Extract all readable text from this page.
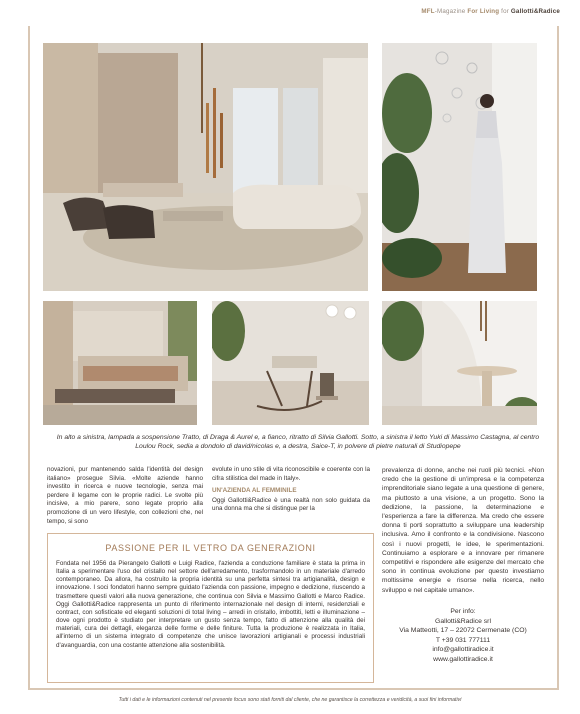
MFL-Magazine For Living for Gallotti&Radice
In alto a sinistra, lampada a sospensione Tratto, di Draga & Aurel e, a fianco, ritratto di Silvia Gallotti. Sotto, a sinistra il letto Yuki di Massimo Castagna, al centro Loulou Rock, sedia a dondolo di david/nicolas e, a destra, Saice-T, in polvere di pietre naturali di Studiopepe
novazioni, pur mantenendo salda l'identità del design italiano» prosegue Silvia. «Molte aziende hanno investito in ricerca e nuove tecnologie, senza mai perdere il legame con le proprie radici. Le svolte più incisive, a mio parere, sono legate proprio alla promozione di un vero lifestyle, con collezioni che, nel tempo, si sono
evolute in uno stile di vita riconoscibile e coerente con la cifra stilistica del made in Italy».
UN'AZIENDA AL FEMMINILE
Oggi Gallotti&Radice è una realtà non solo guidata da una donna ma che si distingue per la
PASSIONE PER IL VETRO DA GENERAZIONI
Fondata nel 1956 da Pierangelo Gallotti e Luigi Radice, l'azienda a conduzione familiare è stata la prima in Italia a sperimentare l'uso del cristallo nel settore dell'arredamento, trasformandolo in un materiale d'arredo contemporaneo. Da allora, ha costruito la propria identità su una perfetta sintesi tra artigianalità, design e innovazione. I soci fondatori hanno sempre guidato l'azienda con passione, impegno e dedizione, riuscendo a trasmettere questi valori alla nuova generazione, che continua con Silvia e Massimo Gallotti e Marco Radice. Oggi Gallotti&Radice rappresenta un punto di riferimento internazionale nel design di interni, residenziali e contract, con sofisticate ed eleganti soluzioni di total living – arredi in cristallo, imbottiti, letti e illuminazione – dove ogni prodotto è studiato per interpretare un gusto senza tempo, fatto di attenzione alla qualità dei materiali, cura dei dettagli, eleganza delle forme e delle finiture. Tutta la produzione è realizzata in Italia, all'interno di un sistema integrato di competenze che unisce lavorazioni artigianali e processi industriali d'avanguardia, con una costante attenzione alla sostenibilità.
prevalenza di donne, anche nei ruoli più tecnici. «Non credo che la gestione di un'impresa e la competenza imprenditoriale siano legate a una questione di genere, ma piuttosto a una visione, a un progetto. Sono la dedizione, la passione, la determinazione e l'esperienza a fare la differenza. Ma credo che essere donna ti porti soprattutto a sviluppare una leadership inclusiva. Amo il confronto e la condivisione. Nascono così i nuovi progetti, le idee, le sperimentazioni. Continuiamo a esplorare e a innovare per rimanere competitivi e rispondere alle esigenze del mercato che sono in continua evoluzione per questo investiamo moltissime energie e risorse nella ricerca, nello sviluppo e nel capitale umano».
Per info:
Gallotti&Radice srl
Via Matteotti, 17 – 22072 Cermenate (CO)
T +39 031 777111
info@gallottiradice.it
www.gallottiradice.it
Tutti i dati e le informazioni contenuti nel presente focus sono stati forniti dal cliente, che ne garantisce la correttezza e veridicità, a suoi fini informativi
